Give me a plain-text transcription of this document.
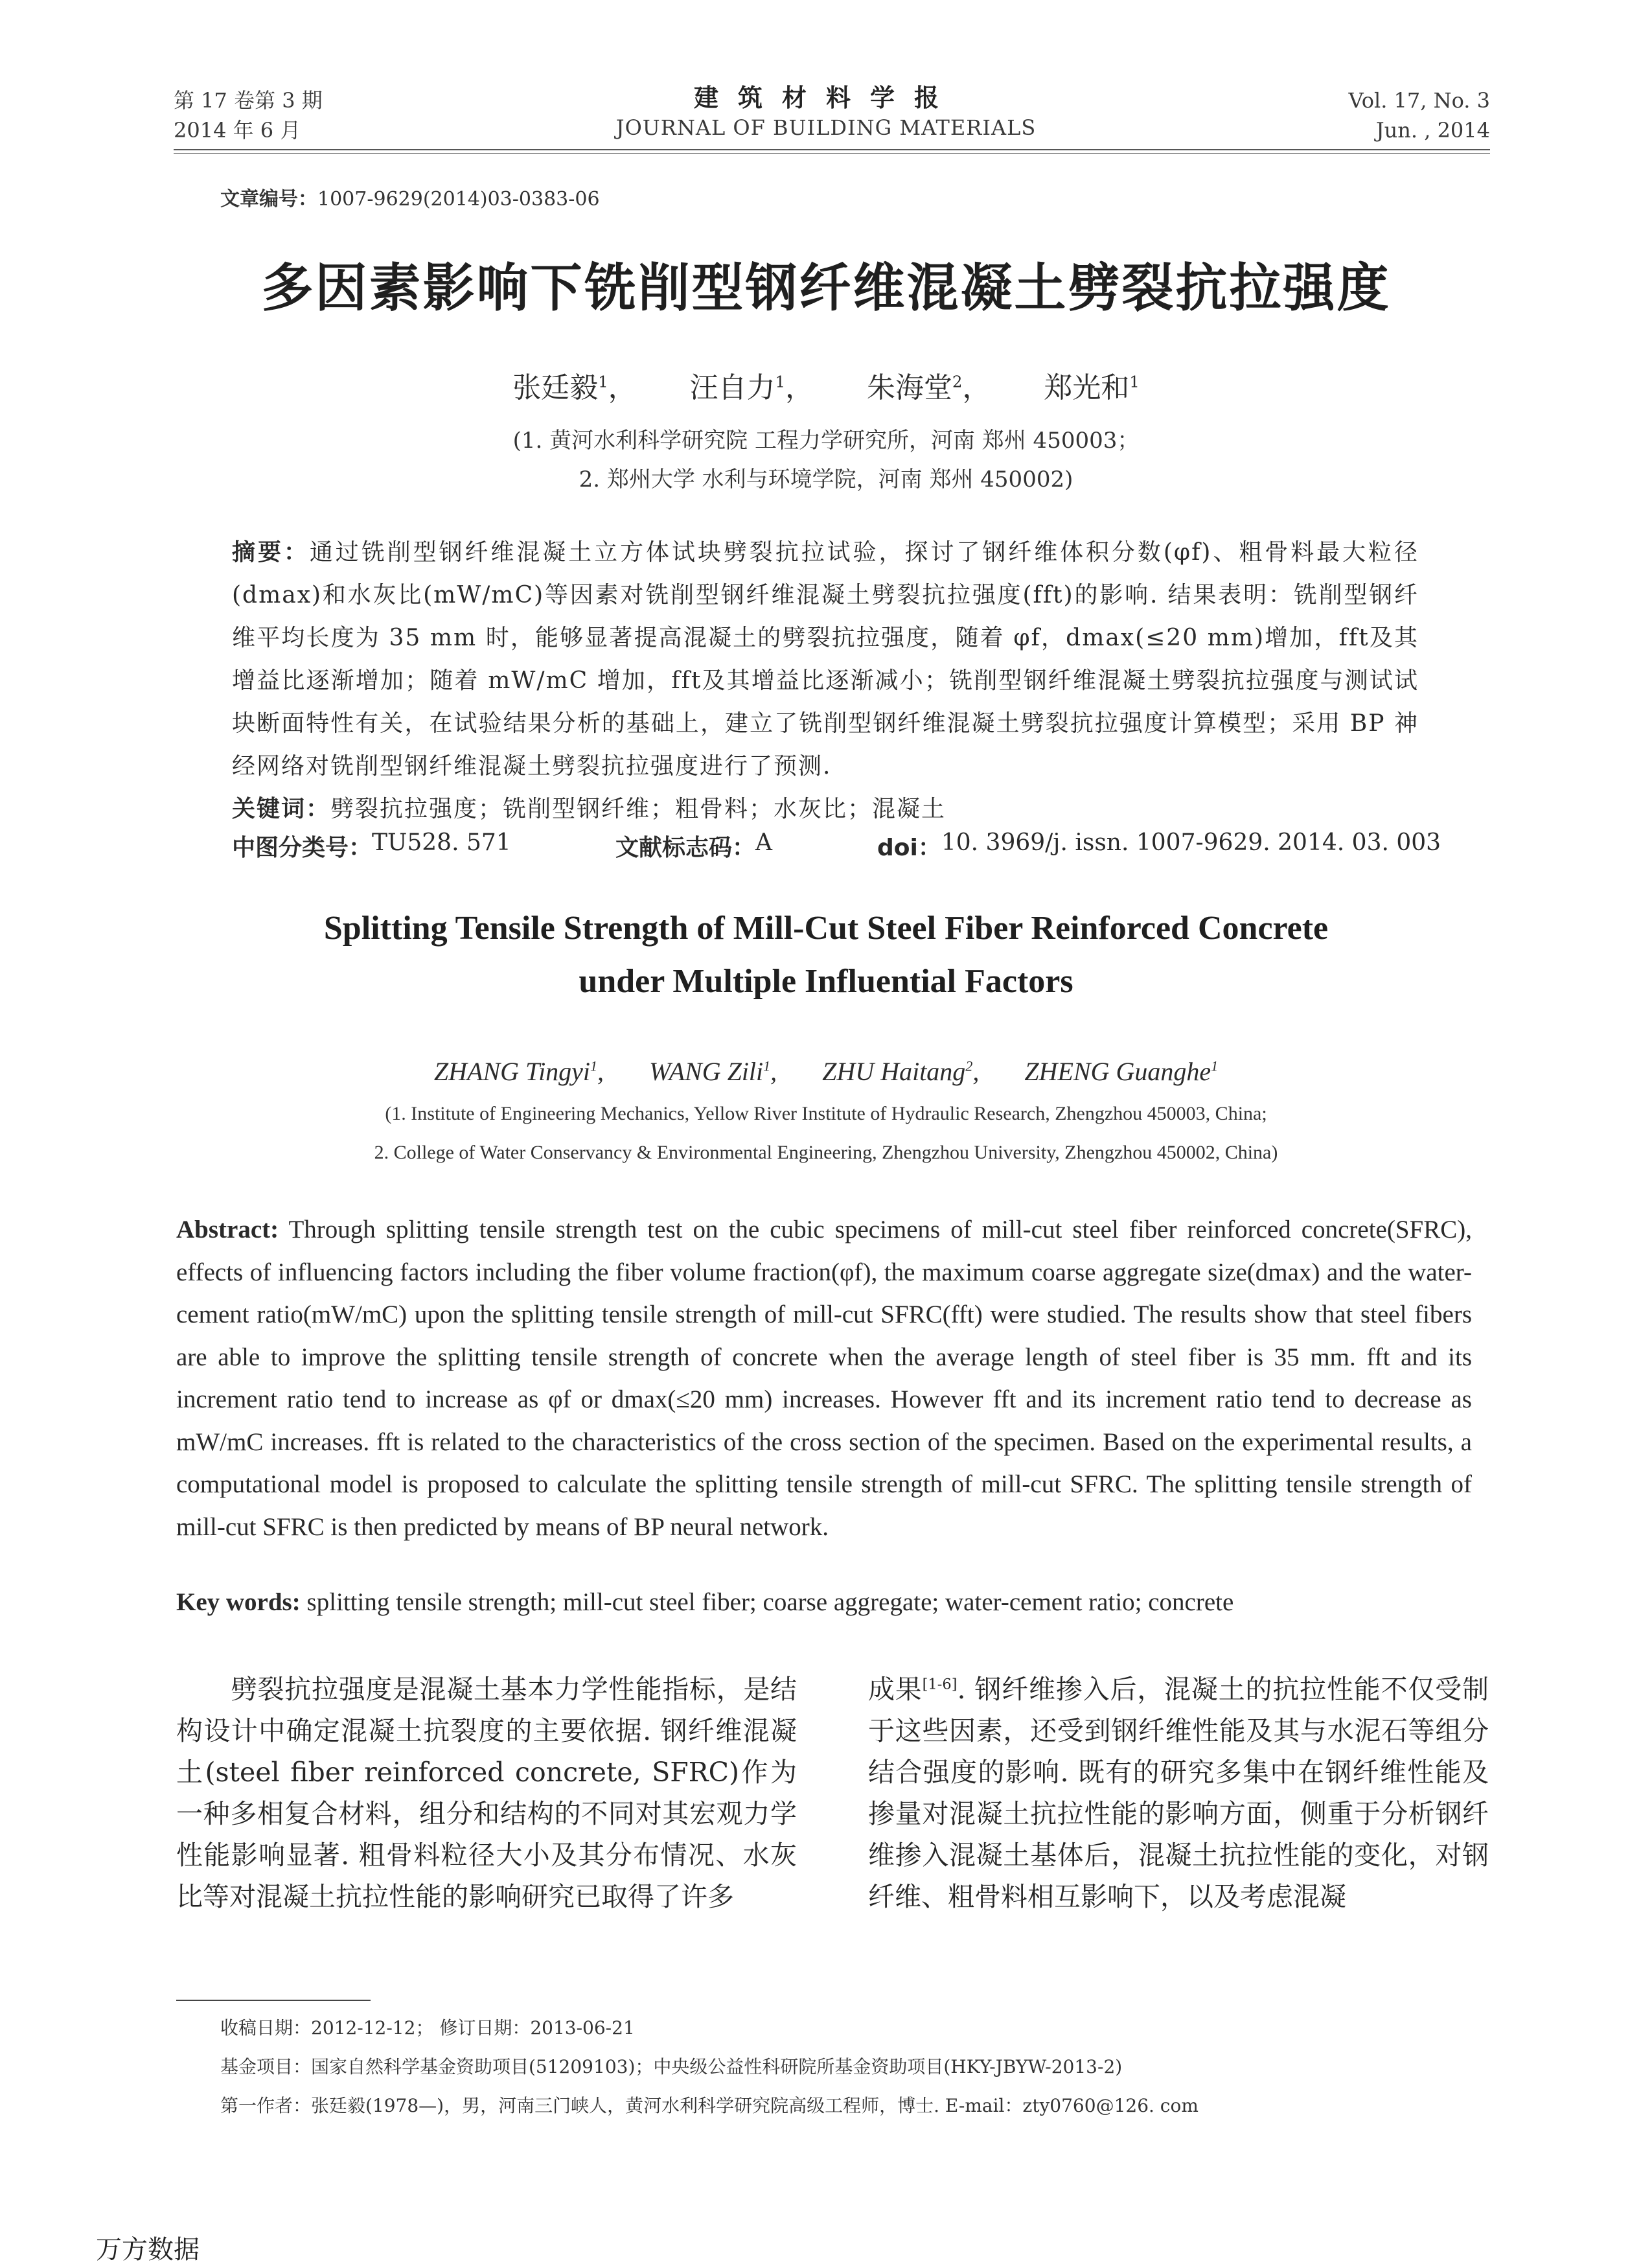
第 17 卷第 3 期
2014 年 6 月
建筑材料学报
JOURNAL OF BUILDING MATERIALS
Vol. 17, No. 3
Jun. , 2014
文章编号：1007-9629(2014)03-0383-06
多因素影响下铣削型钢纤维混凝土劈裂抗拉强度
张廷毅$^1$， 汪自力$^1$， 朱海堂$^2$， 郑光和$^1$
(1. 黄河水利科学研究院 工程力学研究所，河南 郑州 450003；
2. 郑州大学 水利与环境学院，河南 郑州 450002)
摘要：通过铣削型钢纤维混凝土立方体试块劈裂抗拉试验，探讨了钢纤维体积分数(φf)、粗骨料最大粒径(dmax)和水灰比(mW/mC)等因素对铣削型钢纤维混凝土劈裂抗拉强度(fft)的影响. 结果表明：铣削型钢纤维平均长度为 35 mm 时，能够显著提高混凝土的劈裂抗拉强度，随着 φf，dmax(≤20 mm)增加，fft及其增益比逐渐增加；随着 mW/mC 增加，fft及其增益比逐渐减小；铣削型钢纤维混凝土劈裂抗拉强度与测试试块断面特性有关，在试验结果分析的基础上，建立了铣削型钢纤维混凝土劈裂抗拉强度计算模型；采用 BP 神经网络对铣削型钢纤维混凝土劈裂抗拉强度进行了预测.
关键词：劈裂抗拉强度；铣削型钢纤维；粗骨料；水灰比；混凝土
中图分类号： TU528. 571	文献标志码： A	doi： 10. 3969/j. issn. 1007-9629. 2014. 03. 003
Splitting Tensile Strength of Mill-Cut Steel Fiber Reinforced Concrete
under Multiple Influential Factors
ZHANG Tingyi$^1$, WANG Zili$^1$, ZHU Haitang$^2$, ZHENG Guanghe$^1$
(1. Institute of Engineering Mechanics, Yellow River Institute of Hydraulic Research, Zhengzhou 450003, China;
2. College of Water Conservancy & Environmental Engineering, Zhengzhou University, Zhengzhou 450002, China)
Abstract: Through splitting tensile strength test on the cubic specimens of mill-cut steel fiber reinforced concrete(SFRC), effects of influencing factors including the fiber volume fraction(φf), the maximum coarse aggregate size(dmax) and the water-cement ratio(mW/mC) upon the splitting tensile strength of mill-cut SFRC(fft) were studied. The results show that steel fibers are able to improve the splitting tensile strength of concrete when the average length of steel fiber is 35 mm. fft and its increment ratio tend to increase as φf or dmax(≤20 mm) increases. However fft and its increment ratio tend to decrease as mW/mC increases. fft is related to the characteristics of the cross section of the specimen. Based on the experimental results, a computational model is proposed to calculate the splitting tensile strength of mill-cut SFRC. The splitting tensile strength of mill-cut SFRC is then predicted by means of BP neural network.
Key words: splitting tensile strength; mill-cut steel fiber; coarse aggregate; water-cement ratio; concrete
劈裂抗拉强度是混凝土基本力学性能指标，是结构设计中确定混凝土抗裂度的主要依据. 钢纤维混凝土(steel fiber reinforced concrete, SFRC)作为一种多相复合材料，组分和结构的不同对其宏观力学性能影响显著. 粗骨料粒径大小及其分布情况、水灰比等对混凝土抗拉性能的影响研究已取得了许多
成果[1-6]. 钢纤维掺入后，混凝土的抗拉性能不仅受制于这些因素，还受到钢纤维性能及其与水泥石等组分结合强度的影响. 既有的研究多集中在钢纤维性能及掺量对混凝土抗拉性能的影响方面，侧重于分析钢纤维掺入混凝土基体后，混凝土抗拉性能的变化，对钢纤维、粗骨料相互影响下，以及考虑混凝
收稿日期：2012-12-12； 修订日期：2013-06-21
基金项目：国家自然科学基金资助项目(51209103)；中央级公益性科研院所基金资助项目(HKY-JBYW-2013-2)
第一作者：张廷毅(1978—)，男，河南三门峡人，黄河水利科学研究院高级工程师，博士. E-mail：zty0760@126. com
万方数据
